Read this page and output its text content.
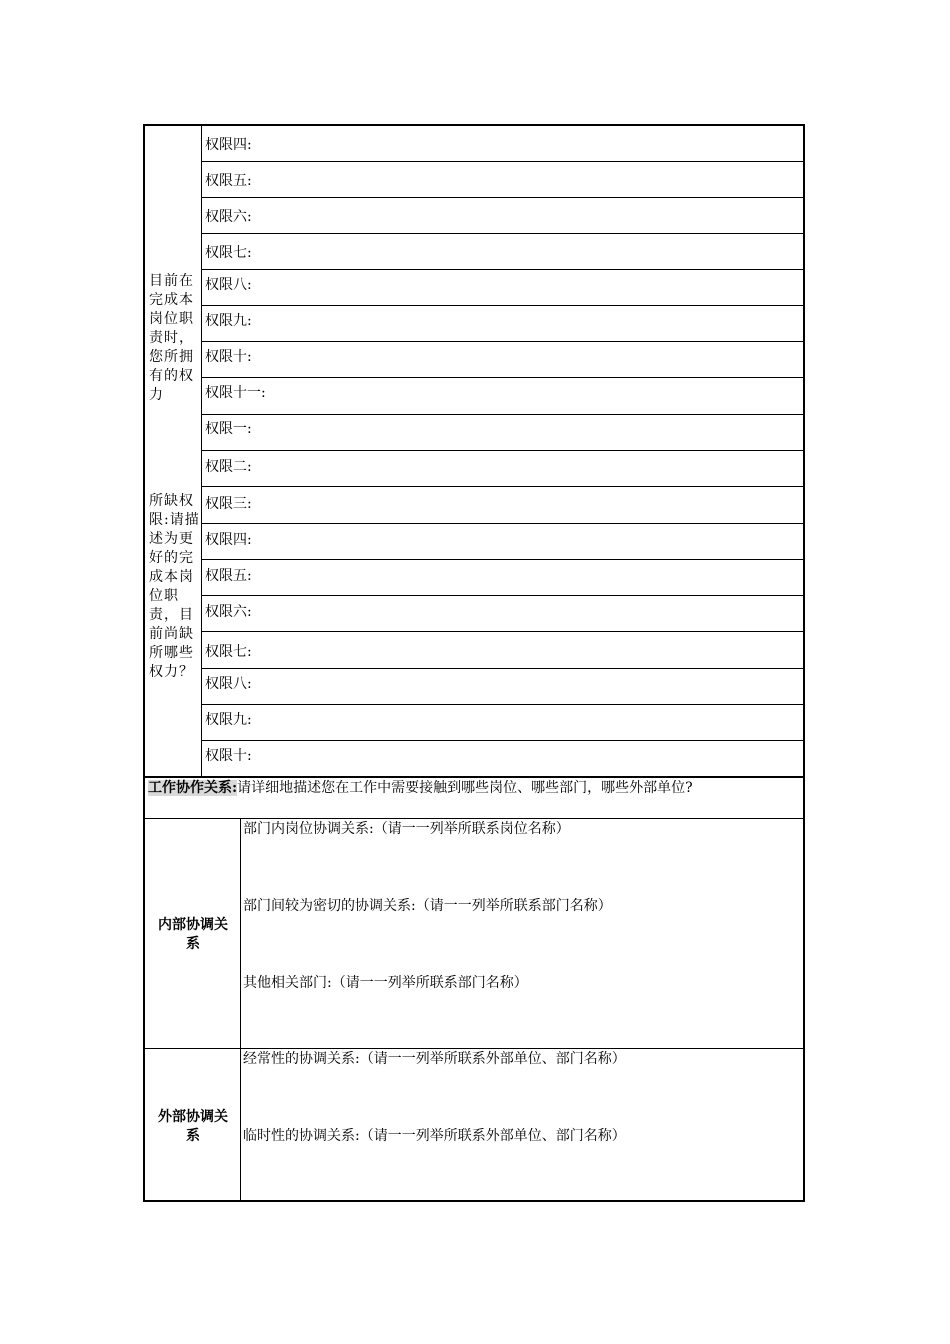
目前在完成本岗位职责时，您所拥有的权力
所缺权限:请描述为更好的完成本岗位职责，目前尚缺所哪些 权力？
权限四:
权限五:
权限六:
权限七:
权限八:
权限九:
权限十:
权限十一:
权限一:
权限二:
权限三:
权限四:
权限五:
权限六:
权限七:
权限八:
权限九:
权限十:
工作协作关系:请详细地描述您在工作中需要接触到哪些岗位、哪些部门，哪些外部单位?
内部协调关系
部门内岗位协调关系:（请一一列举所联系岗位名称）
部门间较为密切的协调关系:（请一一列举所联系部门名称）
其他相关部门:（请一一列举所联系部门名称）
外部协调关系
经常性的协调关系:（请一一列举所联系外部单位、部门名称）
临时性的协调关系:（请一一列举所联系外部单位、部门名称）
